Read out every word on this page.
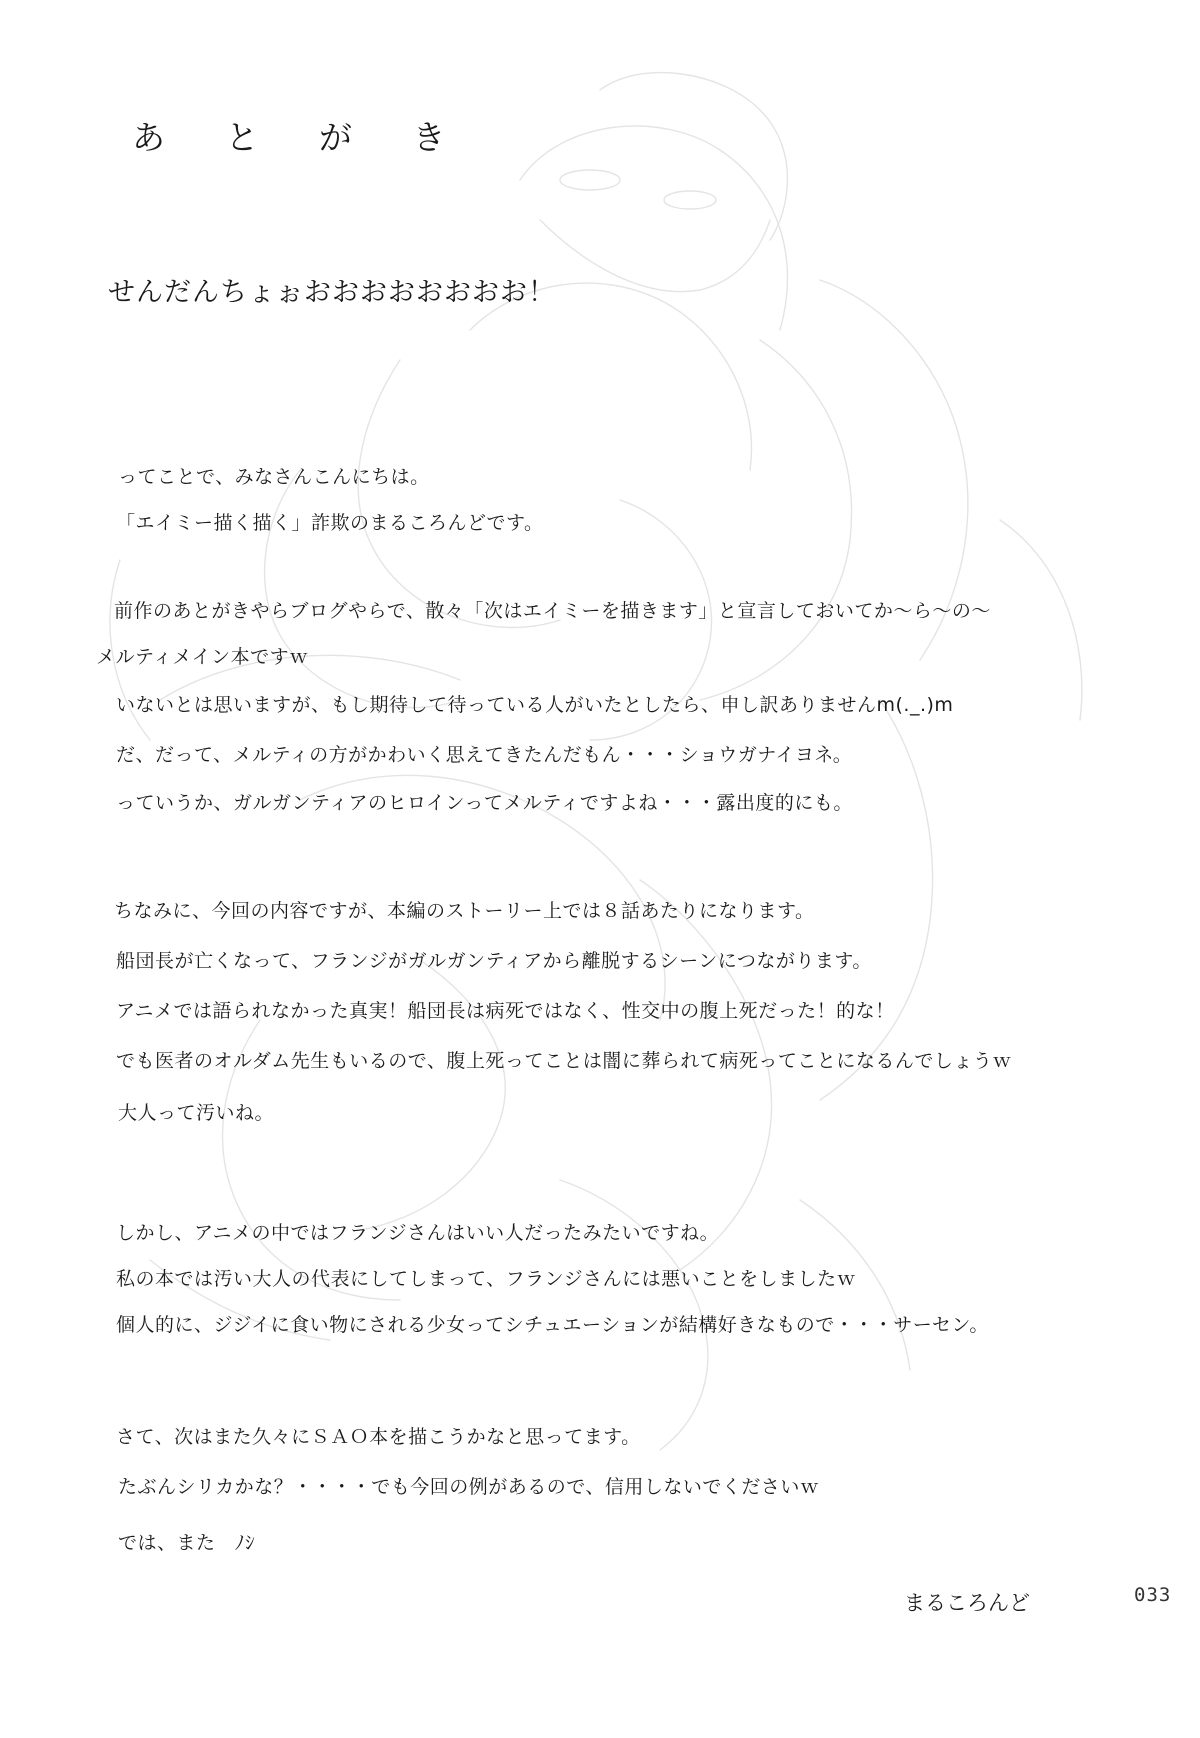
あ と が き
せんだんちょぉおおおおおおおお！
ってことで、みなさんこんにちは。
「エイミー描く描く」詐欺のまるころんどです。
前作のあとがきやらブログやらで、散々「次はエイミーを描きます」と宣言しておいてか～ら～の～
メルティメイン本ですｗ
いないとは思いますが、もし期待して待っている人がいたとしたら、申し訳ありませんm(._.)m
だ、だって、メルティの方がかわいく思えてきたんだもん・・・ショウガナイヨネ。
っていうか、ガルガンティアのヒロインってメルティですよね・・・露出度的にも。
ちなみに、今回の内容ですが、本編のストーリー上では８話あたりになります。
船団長が亡くなって、フランジがガルガンティアから離脱するシーンにつながります。
アニメでは語られなかった真実！船団長は病死ではなく、性交中の腹上死だった！的な！
でも医者のオルダム先生もいるので、腹上死ってことは闇に葬られて病死ってことになるんでしょうｗ
大人って汚いね。
しかし、アニメの中ではフランジさんはいい人だったみたいですね。
私の本では汚い大人の代表にしてしまって、フランジさんには悪いことをしましたｗ
個人的に、ジジイに食い物にされる少女ってシチュエーションが結構好きなもので・・・サーセン。
さて、次はまた久々にＳＡＯ本を描こうかなと思ってます。
たぶんシリカかな？・・・・でも今回の例があるので、信用しないでくださいｗ
では、また　ﾉｼ
まるころんど	033
